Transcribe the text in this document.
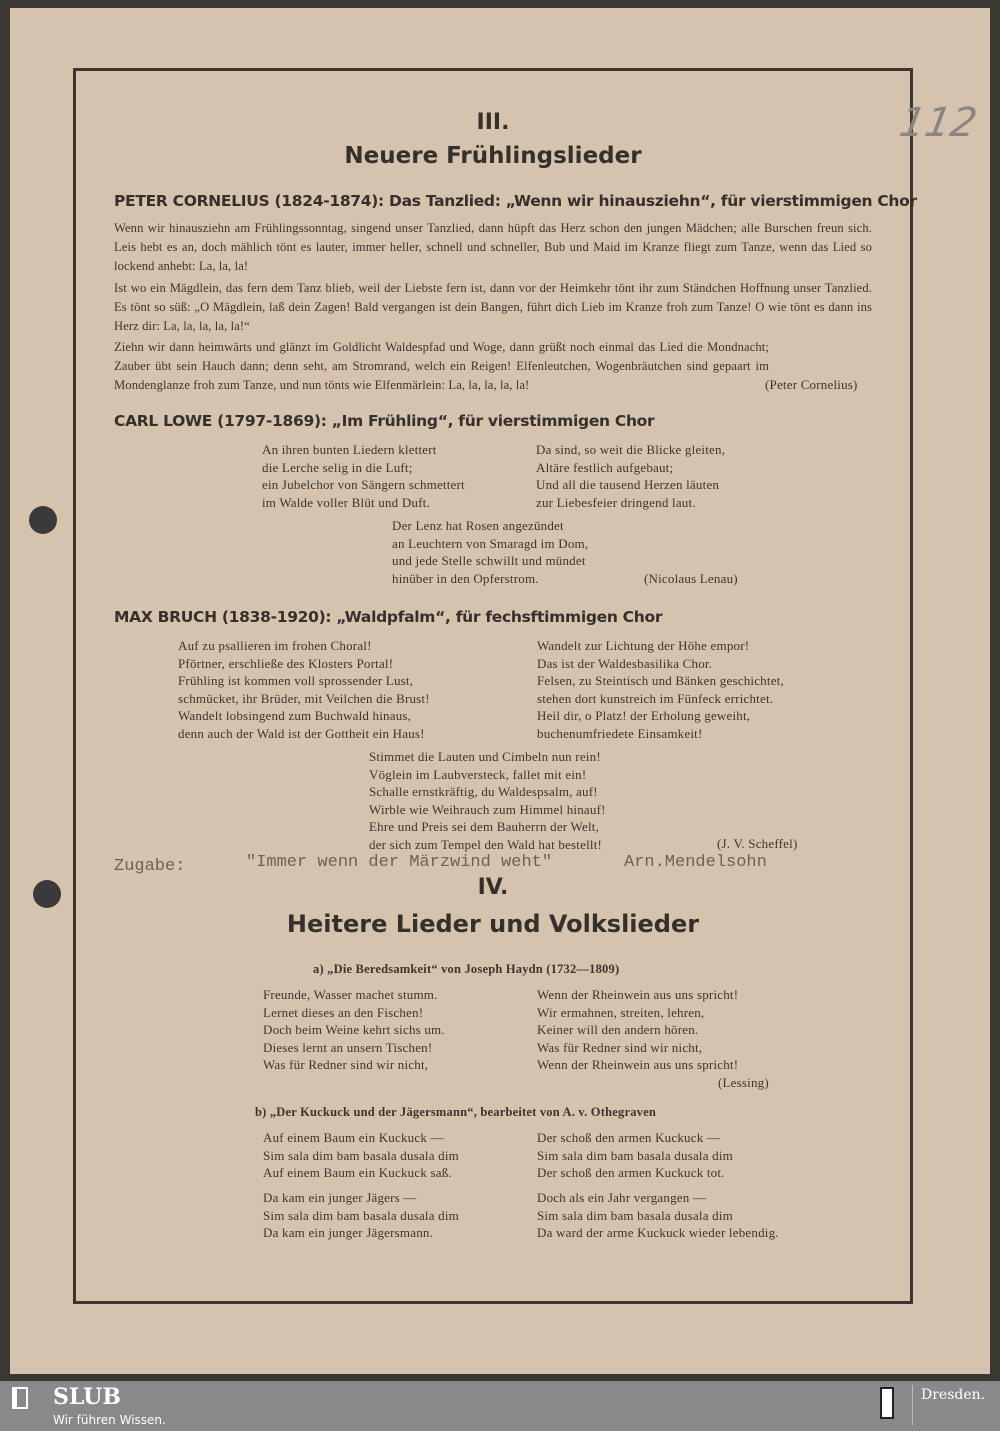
112
III.
Neuere Frühlingslieder
PETER CORNELIUS (1824-1874): Das Tanzlied: „Wenn wir hinausziehn“, für vierstimmigen Chor
Wenn wir hinausziehn am Frühlingssonntag, singend unser Tanzlied, dann hüpft das Herz schon den jungen Mädchen; alle Burschen freun sich. Leis hebt es an, doch mählich tönt es lauter, immer heller, schnell und schneller, Bub und Maid im Kranze fliegt zum Tanze, wenn das Lied so lockend anhebt: La, la, la!
Ist wo ein Mägdlein, das fern dem Tanz blieb, weil der Liebste fern ist, dann vor der Heimkehr tönt ihr zum Ständchen Hoffnung unser Tanzlied. Es tönt so süß: „O Mägdlein, laß dein Zagen! Bald vergangen ist dein Bangen, führt dich Lieb im Kranze froh zum Tanze! O wie tönt es dann ins Herz dir: La, la, la, la, la!“
Ziehn wir dann heimwärts und glänzt im Goldlicht Waldespfad und Woge, dann grüßt noch einmal das Lied die Mondnacht; Zauber übt sein Hauch dann; denn seht, am Stromrand, welch ein Reigen! Elfenleutchen, Wogenbräutchen sind gepaart im Mondenglanze froh zum Tanze, und nun tönts wie Elfenmärlein: La, la, la, la, la!	(Peter Cornelius)
CARL LOWE (1797-1869): „Im Frühling“, für vierstimmigen Chor
An ihren bunten Liedern klettert
die Lerche selig in die Luft;
ein Jubelchor von Sängern schmettert
im Walde voller Blüt und Duft.
Da sind, so weit die Blicke gleiten,
Altäre festlich aufgebaut;
Und all die tausend Herzen läuten
zur Liebesfeier dringend laut.
Der Lenz hat Rosen angezündet
an Leuchtern von Smaragd im Dom,
und jede Stelle schwillt und mündet
hinüber in den Opferstrom.	(Nicolaus Lenau)
MAX BRUCH (1838-1920): „Waldpfalm“, für fechsftimmigen Chor
Auf zu psallieren im frohen Choral!
Pförtner, erschließe des Klosters Portal!
Frühling ist kommen voll sprossender Lust,
schmücket, ihr Brüder, mit Veilchen die Brust!
Wandelt lobsingend zum Buchwald hinaus,
denn auch der Wald ist der Gottheit ein Haus!
Wandelt zur Lichtung der Höhe empor!
Das ist der Waldesbasilika Chor.
Felsen, zu Steintisch und Bänken geschichtet,
stehen dort kunstreich im Fünfeck errichtet.
Heil dir, o Platz! der Erholung geweiht,
buchenumfriedete Einsamkeit!
Stimmet die Lauten und Cimbeln nun rein!
Vöglein im Laubversteck, fallet mit ein!
Schalle ernstkräftig, du Waldespsalm, auf!
Wirble wie Weihrauch zum Himmel hinauf!
Ehre und Preis sei dem Bauherrn der Welt,
der sich zum Tempel den Wald hat bestellt!	(J. V. Scheffel)
Zugabe:	"Immer wenn der Märzwind weht"	Arn.Mendelsohn
IV.
Heitere Lieder und Volkslieder
a) „Die Beredsamkeit“ von Joseph Haydn (1732—1809)
Freunde, Wasser machet stumm.
Lernet dieses an den Fischen!
Doch beim Weine kehrt sichs um.
Dieses lernt an unsern Tischen!
Was für Redner sind wir nicht,
Wenn der Rheinwein aus uns spricht!
Wir ermahnen, streiten, lehren,
Keiner will den andern hören.
Was für Redner sind wir nicht,
Wenn der Rheinwein aus uns spricht!
(Lessing)
b) „Der Kuckuck und der Jägersmann“, bearbeitet von A. v. Othegraven
Auf einem Baum ein Kuckuck —
Sim sala dim bam basala dusala dim
Auf einem Baum ein Kuckuck saß.
Der schoß den armen Kuckuck —
Sim sala dim bam basala dusala dim
Der schoß den armen Kuckuck tot.
Da kam ein junger Jägers —
Sim sala dim bam basala dusala dim
Da kam ein junger Jägersmann.
Doch als ein Jahr vergangen —
Sim sala dim bam basala dusala dim
Da ward der arme Kuckuck wieder lebendig.
SLUB
Wir führen Wissen.
Dresden.
